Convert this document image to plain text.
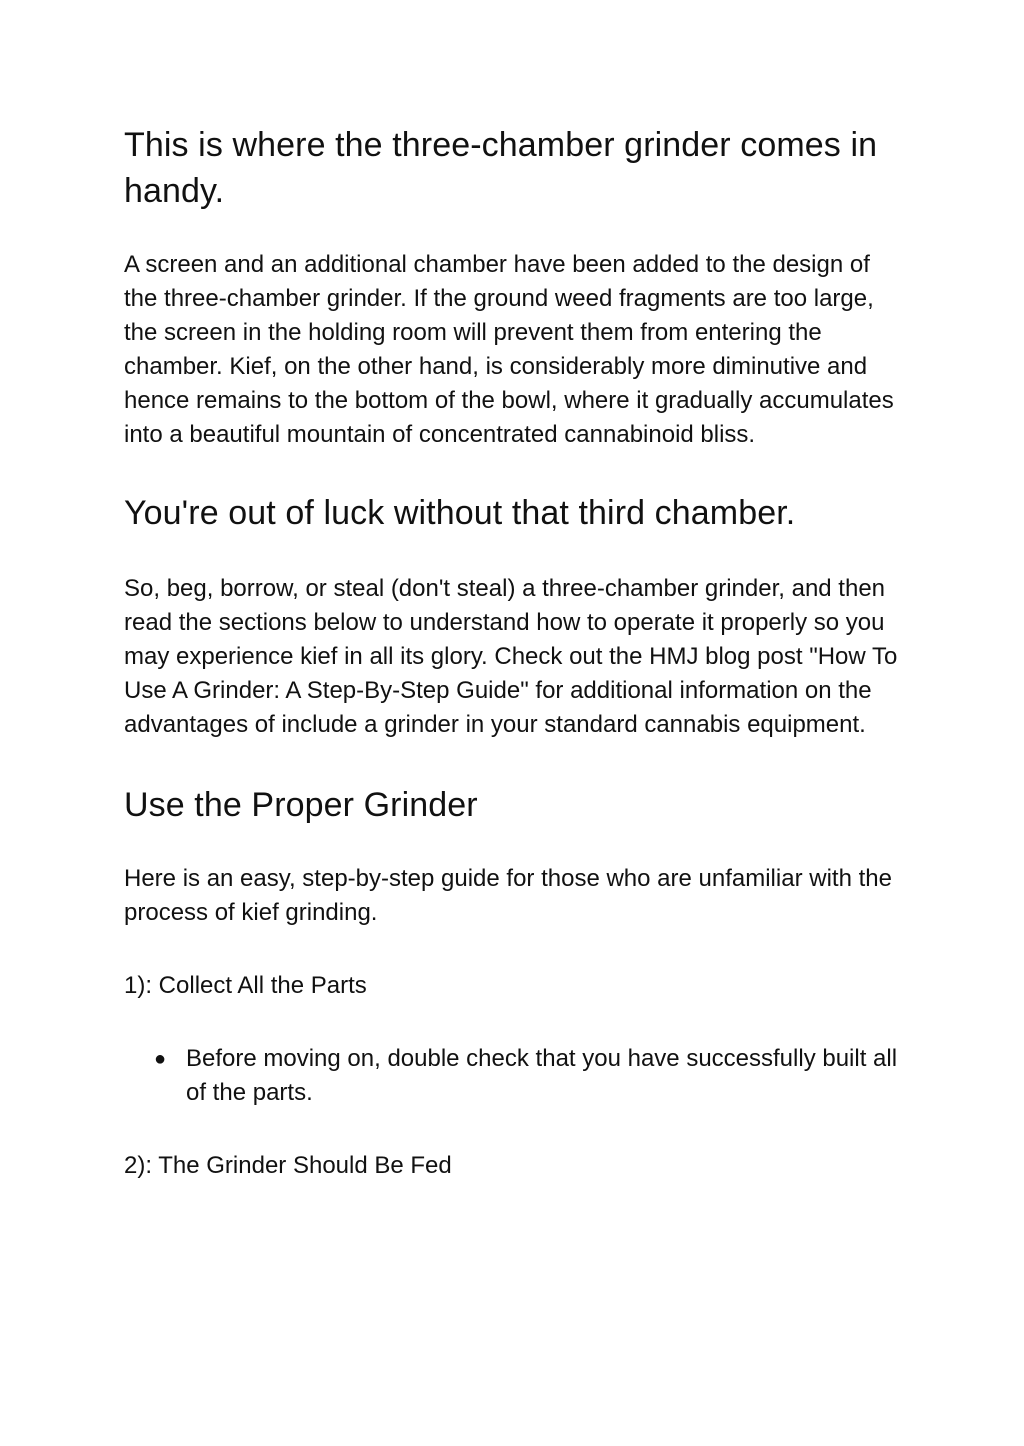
This is where the three-chamber grinder comes in handy.

A screen and an additional chamber have been added to the design of the three-chamber grinder. If the ground weed fragments are too large, the screen in the holding room will prevent them from entering the chamber. Kief, on the other hand, is considerably more diminutive and hence remains to the bottom of the bowl, where it gradually accumulates into a beautiful mountain of concentrated cannabinoid bliss.

You're out of luck without that third chamber.

So, beg, borrow, or steal (don't steal) a three-chamber grinder, and then read the sections below to understand how to operate it properly so you may experience kief in all its glory. Check out the HMJ blog post "How To Use A Grinder: A Step-By-Step Guide" for additional information on the advantages of include a grinder in your standard cannabis equipment.

Use the Proper Grinder

Here is an easy, step-by-step guide for those who are unfamiliar with the process of kief grinding.

1): Collect All the Parts

● Before moving on, double check that you have successfully built all of the parts.

2): The Grinder Should Be Fed
